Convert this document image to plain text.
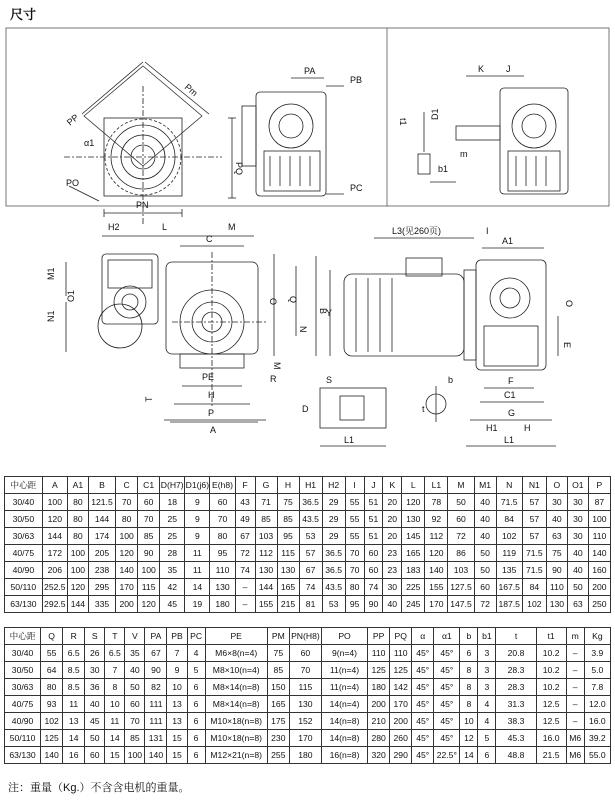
尺寸
PP
Pm
α1
PQ
PO
PN
PA
PB
PC
K J
t1
D1
m
b1
H2	L	M
C
M1
N1
O1	O Q
N
B
M
T
PE
H
P
A
R	S
D	t
b
L1
L3(见260页)	I
A1
Y
E
O
F
C1
G
H1	H
L1
中心距	A	A1	B	C	C1	D(H7)	D1(j6)	E(h8)	F	G	H	H1	H2	I	J	K	L	L1	M	M1	N	N1	O	O1	P
30/40	100	80	121.5	70	60	18	9	60	43	71	75	36.5	29	55	51	20	120	78	50	40	71.5	57	30	30	87
30/50	120	80	144	80	70	25	9	70	49	85	85	43.5	29	55	51	20	130	92	60	40	84	57	40	30	100
30/63	144	80	174	100	85	25	9	80	67	103	95	53	29	55	51	20	145	112	72	40	102	57	63	30	110
40/75	172	100	205	120	90	28	11	95	72	112	115	57	36.5	70	60	23	165	120	86	50	119	71.5	75	40	140
40/90	206	100	238	140	100	35	11	110	74	130	130	67	36.5	70	60	23	183	140	103	50	135	71.5	90	40	160
50/110	252.5	120	295	170	115	42	14	130	–	144	165	74	43.5	80	74	30	225	155	127.5	60	167.5	84	110	50	200
63/130	292.5	144	335	200	120	45	19	180	–	155	215	81	53	95	90	40	245	170	147.5	72	187.5	102	130	63	250
中心距	Q	R	S	T	V	PA	PB	PC	PE	PM	PN(H8)	PO	PP	PQ	α	α1	b	b1	t	t1	m	Kg
30/40	55	6.5	26	6.5	35	67	7	4	M6×8(n=4)	75	60	9(n=4)	110	110	45°	45°	6	3	20.8	10.2	–	3.9
30/50	64	8.5	30	7	40	90	9	5	M8×10(n=4)	85	70	11(n=4)	125	125	45°	45°	8	3	28.3	10.2	–	5.0
30/63	80	8.5	36	8	50	82	10	6	M8×14(n=8)	150	115	11(n=4)	180	142	45°	45°	8	3	28.3	10.2	–	7.8
40/75	93	11	40	10	60	111	13	6	M8×14(n=8)	165	130	14(n=4)	200	170	45°	45°	8	4	31.3	12.5	–	12.0
40/90	102	13	45	11	70	111	13	6	M10×18(n=8)	175	152	14(n=8)	210	200	45°	45°	10	4	38.3	12.5	–	16.0
50/110	125	14	50	14	85	131	15	6	M10×18(n=8)	230	170	14(n=8)	280	260	45°	45°	12	5	45.3	16.0	M6	39.2
63/130	140	16	60	15	100	140	15	6	M12×21(n=8)	255	180	16(n=8)	320	290	45°	22.5°	14	6	48.8	21.5	M6	55.0
注：重量（Kg.）不含含电机的重量。
